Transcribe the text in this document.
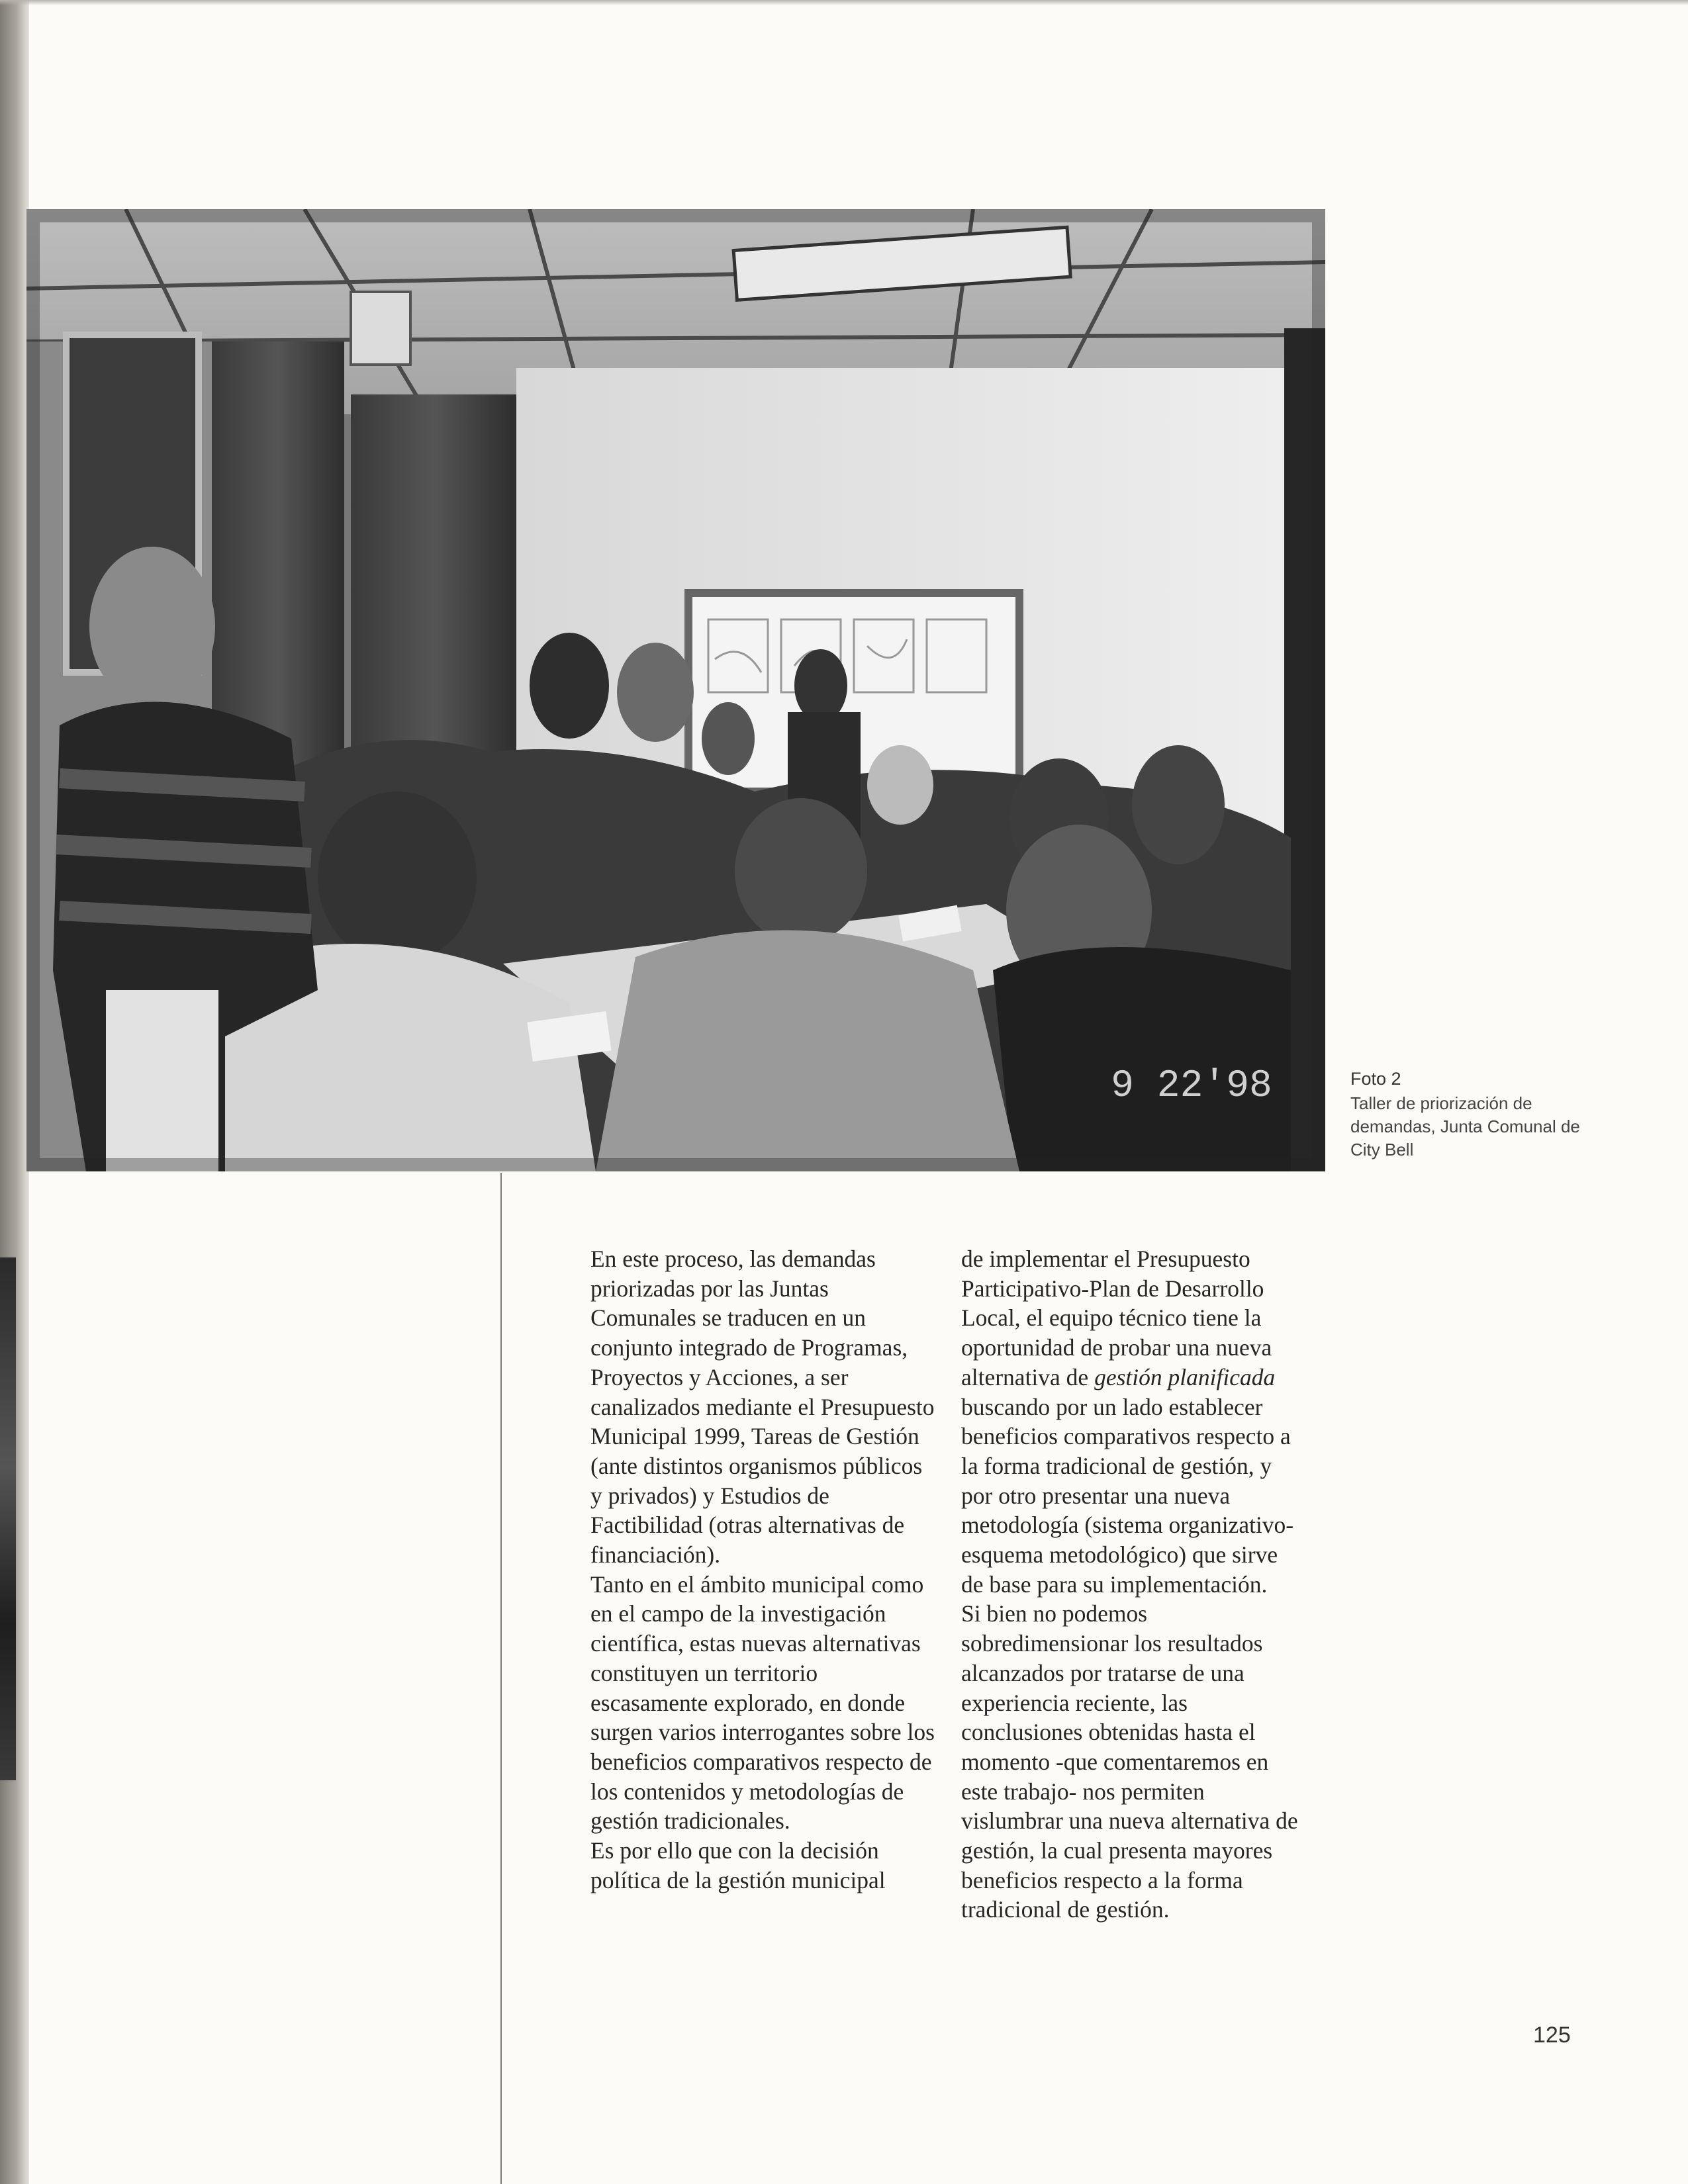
9 22'98	Foto 2
Taller de priorización de demandas, Junta Comunal de City Bell

En este proceso, las demandas priorizadas por las Juntas Comunales se traducen en un conjunto integrado de Programas, Proyectos y Acciones, a ser canalizados mediante el Presupuesto Municipal 1999, Tareas de Gestión (ante distintos organismos públicos y privados) y Estudios de Factibilidad (otras alternativas de financiación).

Tanto en el ámbito municipal como en el campo de la investigación científica, estas nuevas alternativas constituyen un territorio escasamente explorado, en donde surgen varios interrogantes sobre los beneficios comparativos respecto de los contenidos y metodologías de gestión tradicionales.

Es por ello que con la decisión política de la gestión municipal

de implementar el Presupuesto Participativo-Plan de Desarrollo Local, el equipo técnico tiene la oportunidad de probar una nueva alternativa de gestión planificada buscando por un lado establecer beneficios comparativos respecto a la forma tradicional de gestión, y por otro presentar una nueva metodología (sistema organizativo-esquema metodológico) que sirve de base para su implementación.

Si bien no podemos sobredimensionar los resultados alcanzados por tratarse de una experiencia reciente, las conclusiones obtenidas hasta el momento -que comentaremos en este trabajo- nos permiten vislumbrar una nueva alternativa de gestión, la cual presenta mayores beneficios respecto a la forma tradicional de gestión.

125
